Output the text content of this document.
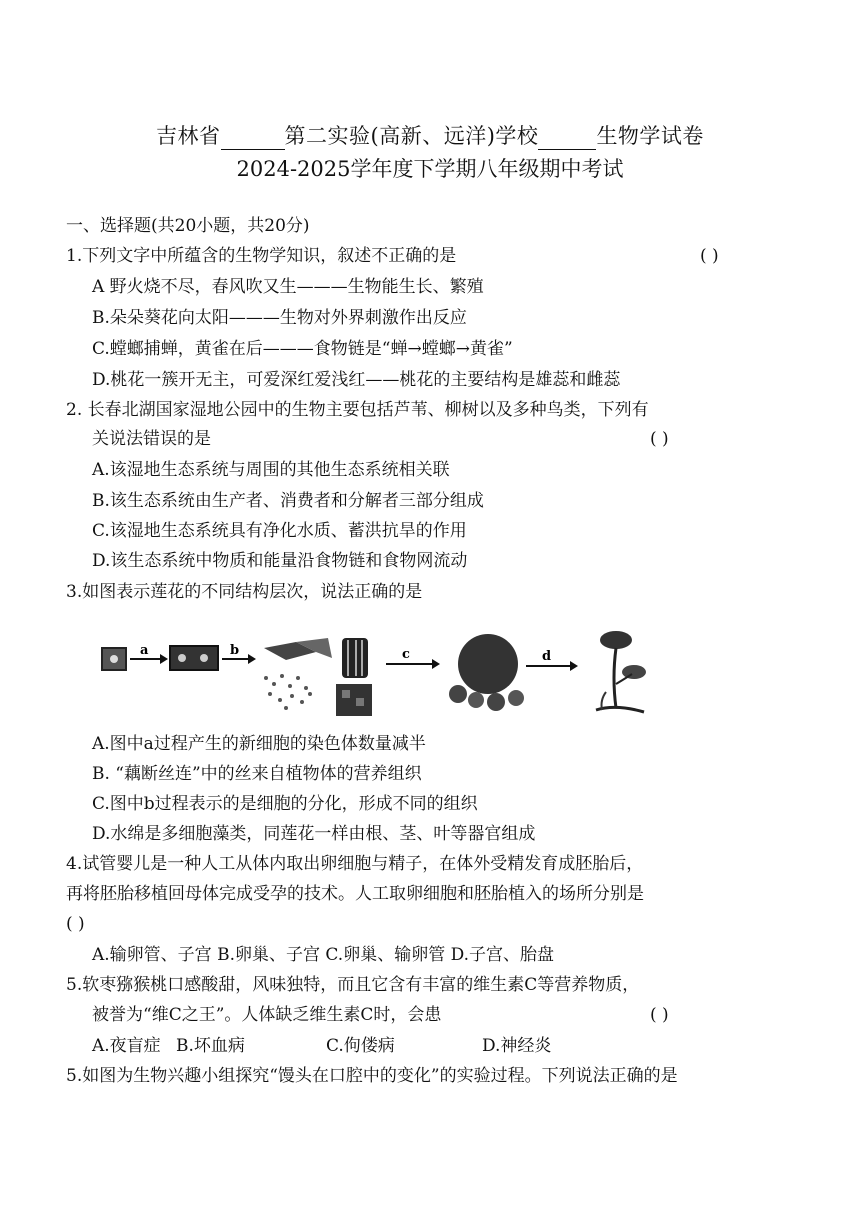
吉林省	第二实验(高新、远洋)学校	生物学试卷
2024-2025学年度下学期八年级期中考试
一、选择题(共20小题，共20分)
1.下列文字中所蕴含的生物学知识，叙述不正确的是	( )
A 野火烧不尽，春风吹又生———生物能生长、繁殖
B.朵朵葵花向太阳———生物对外界刺激作出反应
C.螳螂捕蝉，黄雀在后———食物链是“蝉→螳螂→黄雀”
D.桃花一簇开无主，可爱深红爱浅红——桃花的主要结构是雄蕊和雌蕊
2. 长春北湖国家湿地公园中的生物主要包括芦苇、柳树以及多种鸟类，下列有
关说法错误的是	( )
A.该湿地生态系统与周围的其他生态系统相关联
B.该生态系统由生产者、消费者和分解者三部分组成
C.该湿地生态系统具有净化水质、蓄洪抗旱的作用
D.该生态系统中物质和能量沿食物链和食物网流动
3.如图表示莲花的不同结构层次，说法正确的是
a	b	c	d
A.图中a过程产生的新细胞的染色体数量减半
B. “藕断丝连”中的丝来自植物体的营养组织
C.图中b过程表示的是细胞的分化，形成不同的组织
D.水绵是多细胞藻类，同莲花一样由根、茎、叶等器官组成
4.试管婴儿是一种人工从体内取出卵细胞与精子，在体外受精发育成胚胎后，
再将胚胎移植回母体完成受孕的技术。人工取卵细胞和胚胎植入的场所分别是
( )
A.输卵管、子宫 B.卵巢、子宫 C.卵巢、输卵管 D.子宫、胎盘
5.软枣猕猴桃口感酸甜，风味独特，而且它含有丰富的维生素C等营养物质，
被誉为“维C之王”。人体缺乏维生素C时，会患	( )
A.夜盲症 B.坏血病	C.佝偻病	D.神经炎
5.如图为生物兴趣小组探究“馒头在口腔中的变化”的实验过程。下列说法正确的是
